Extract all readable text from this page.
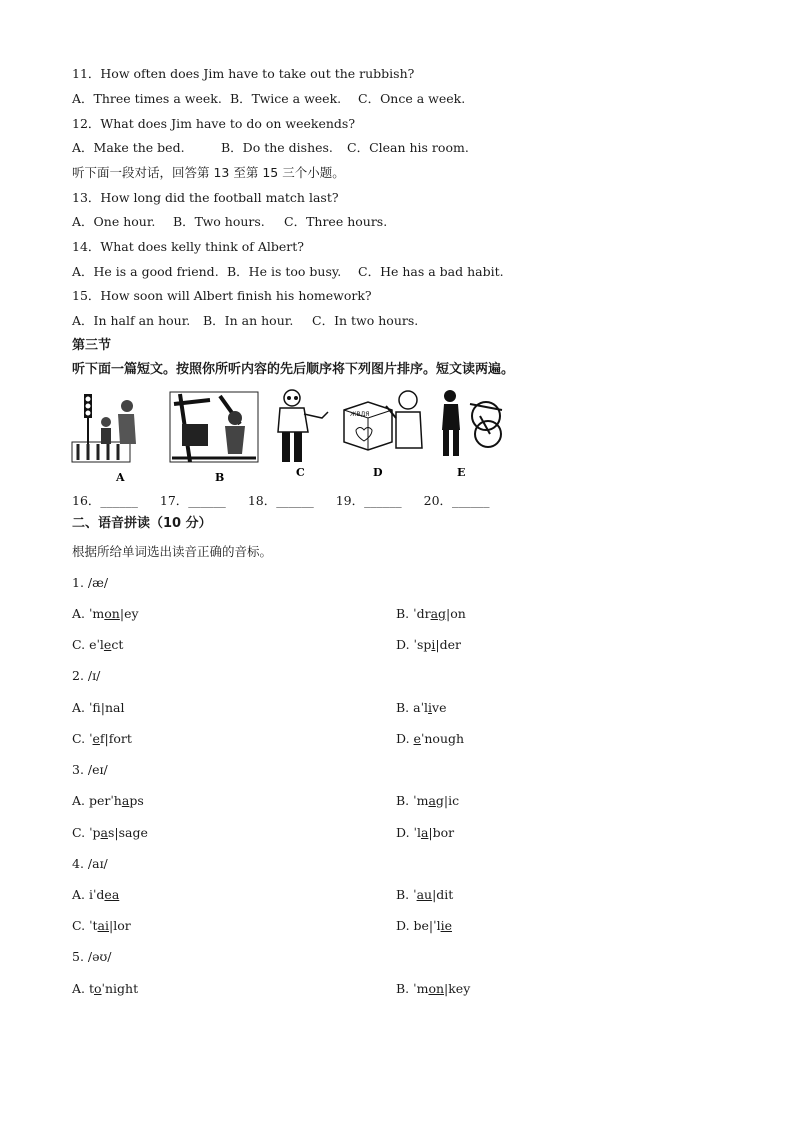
11．How often does Jim have to take out the rubbish?
A．Three times a week. B．Twice a week. C．Once a week.
12．What does Jim have to do on weekends?
A．Make the bed.	B．Do the dishes. C．Clean his room.
听下面一段对话，回答第 13 至第 15 三个小题。
13．How long did the football match last?
A．One hour. B．Two hours. C．Three hours.
14．What does kelly think of Albert?
A．He is a good friend. B．He is too busy. C．He has a bad habit.
15．How soon will Albert finish his homework?
A．In half an hour. B．In an hour. C．In two hours.
第三节
听下面一篇短文。按照你所听内容的先后顺序将下列图片排序。短文读两遍。
ЖВДЯ
A	B	C	D	E
16．______ 17．______ 18．______ 19．______ 20．______
二、语音拼读（10 分）
根据所给单词选出读音正确的音标。
1. /æ/
A. ˈmon|ey	B. ˈdrag|on
C. eˈlect	D. ˈspi|der
2. /ɪ/
A. ˈf|nal	B. aˈlive
C. ˈef|fort	D. eˈnough
3. /eɪ/
A. perˈhaps	B. ˈmag|ic
C. ˈpas|sage	D. ˈla|bor
4. /aɪ/
A. iˈdea	B. ˈau|dit
C. ˈtai|lor	D. be|ˈlie
5. /əʊ/
A. toˈnight	B. ˈmon|key
